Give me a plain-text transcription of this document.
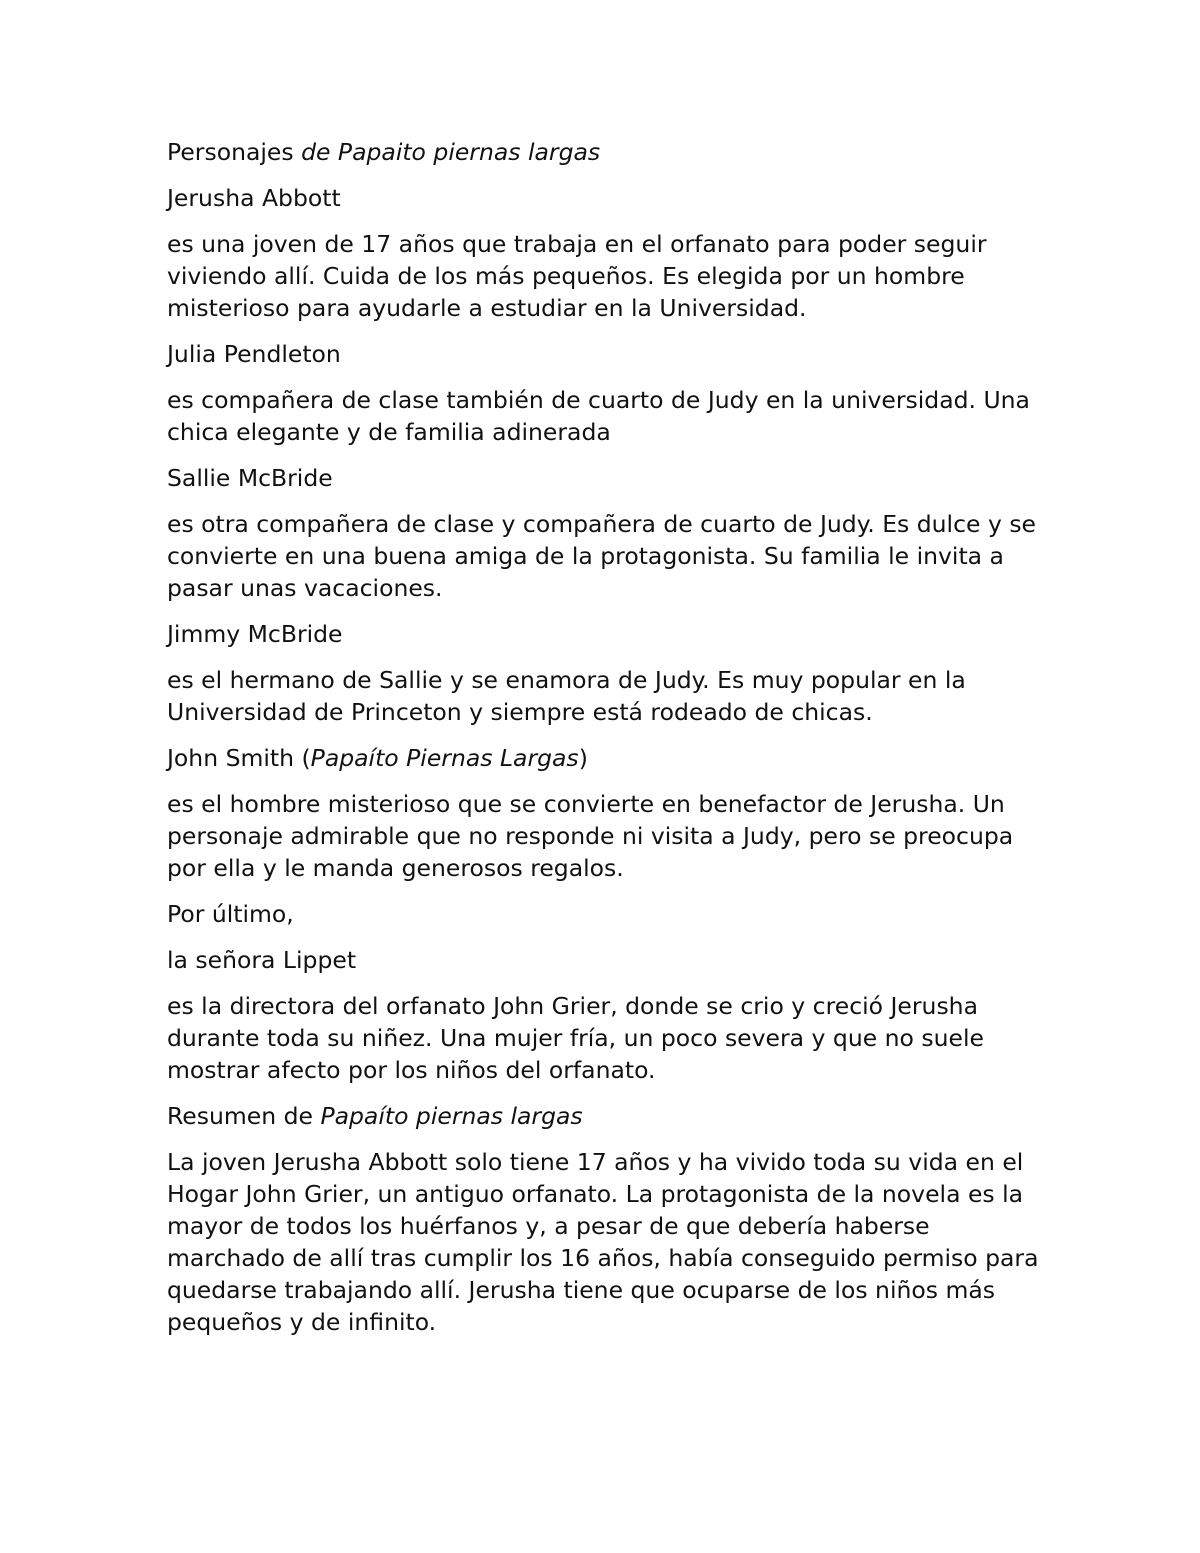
Personajes de Papaito piernas largas

Jerusha Abbott

es una joven de 17 años que trabaja en el orfanato para poder seguir viviendo allí. Cuida de los más pequeños. Es elegida por un hombre misterioso para ayudarle a estudiar en la Universidad.

Julia Pendleton

es compañera de clase también de cuarto de Judy en la universidad. Una chica elegante y de familia adinerada

Sallie McBride

es otra compañera de clase y compañera de cuarto de Judy. Es dulce y se convierte en una buena amiga de la protagonista. Su familia le invita a pasar unas vacaciones.

Jimmy McBride

es el hermano de Sallie y se enamora de Judy. Es muy popular en la Universidad de Princeton y siempre está rodeado de chicas.

John Smith (Papaíto Piernas Largas)

es el hombre misterioso que se convierte en benefactor de Jerusha. Un personaje admirable que no responde ni visita a Judy, pero se preocupa por ella y le manda generosos regalos.

Por último,

la señora Lippet

es la directora del orfanato John Grier, donde se crio y creció Jerusha durante toda su niñez. Una mujer fría, un poco severa y que no suele mostrar afecto por los niños del orfanato.

Resumen de Papaíto piernas largas

La joven Jerusha Abbott solo tiene 17 años y ha vivido toda su vida en el Hogar John Grier, un antiguo orfanato. La protagonista de la novela es la mayor de todos los huérfanos y, a pesar de que debería haberse marchado de allí tras cumplir los 16 años, había conseguido permiso para quedarse trabajando allí. Jerusha tiene que ocuparse de los niños más pequeños y de infinito.
